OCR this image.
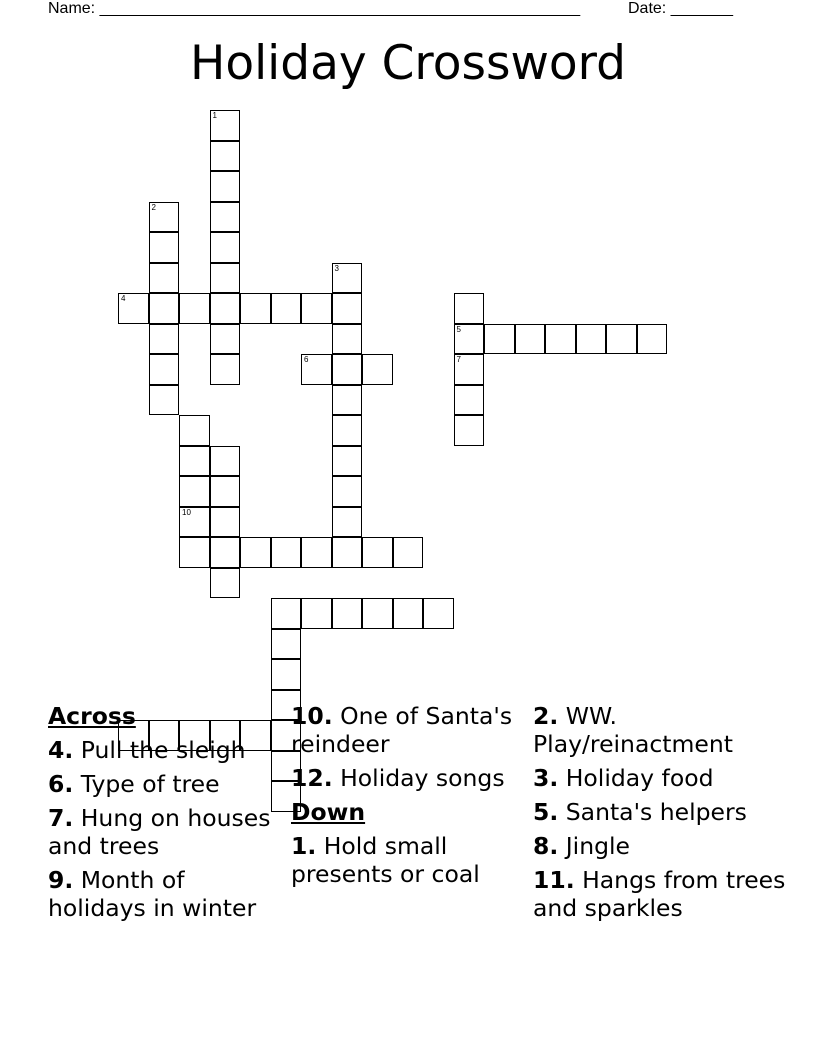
Name: ______________________________________________________	Date: _______
Holiday Crossword
1
2
3
4
5
6	7
10
Across
4. Pull the sleigh
6. Type of tree
7. Hung on houses and trees
9. Month of holidays in winter
10. One of Santa's reindeer
12. Holiday songs
Down
1. Hold small presents or coal
2. WW. Play/reinactment
3. Holiday food
5. Santa's helpers
8. Jingle
11. Hangs from trees and sparkles
